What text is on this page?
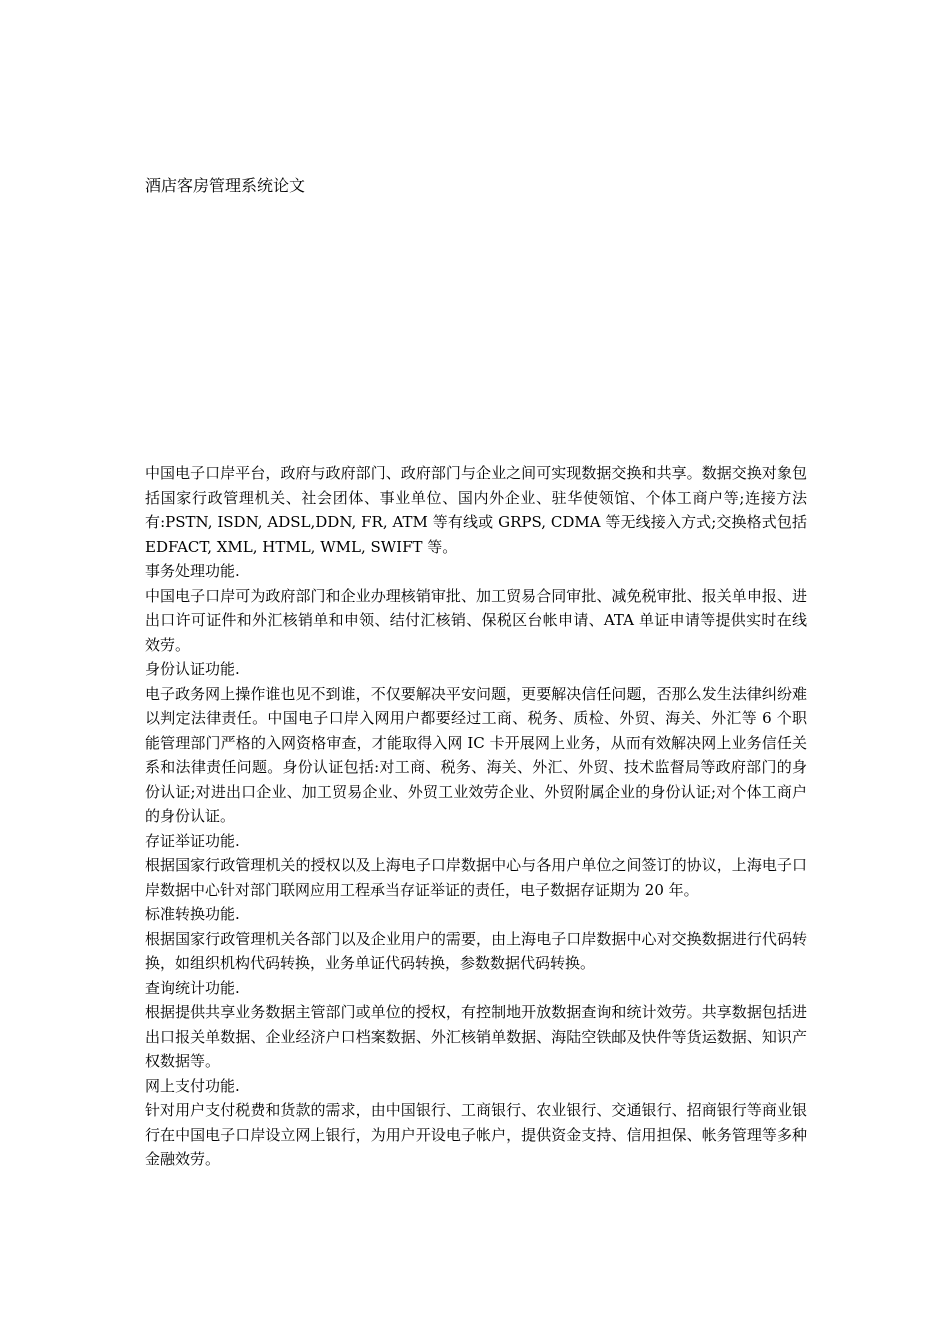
酒店客房管理系统论文

中国电子口岸平台，政府与政府部门、政府部门与企业之间可实现数据交换和共享。数据交换对象包括国家行政管理机关、社会团体、事业单位、国内外企业、驻华使领馆、个体工商户等;连接方法有:PSTN, ISDN, ADSL,DDN, FR, ATM 等有线或 GRPS, CDMA 等无线接入方式;交换格式包括 EDFACT, XML, HTML, WML, SWIFT 等。

事务处理功能.

中国电子口岸可为政府部门和企业办理核销审批、加工贸易合同审批、减免税审批、报关单申报、进出口许可证件和外汇核销单和申领、结付汇核销、保税区台帐申请、ATA 单证申请等提供实时在线效劳。

身份认证功能.

电子政务网上操作谁也见不到谁，不仅要解决平安问题，更要解决信任问题，否那么发生法律纠纷难以判定法律责任。中国电子口岸入网用户都要经过工商、税务、质检、外贸、海关、外汇等 6 个职能管理部门严格的入网资格审查，才能取得入网 IC 卡开展网上业务，从而有效解决网上业务信任关系和法律责任问题。身份认证包括:对工商、税务、海关、外汇、外贸、技术监督局等政府部门的身份认证;对进出口企业、加工贸易企业、外贸工业效劳企业、外贸附属企业的身份认证;对个体工商户的身份认证。

存证举证功能.

根据国家行政管理机关的授权以及上海电子口岸数据中心与各用户单位之间签订的协议，上海电子口岸数据中心针对部门联网应用工程承当存证举证的责任，电子数据存证期为 20 年。

标准转换功能.

根据国家行政管理机关各部门以及企业用户的需要，由上海电子口岸数据中心对交换数据进行代码转换，如组织机构代码转换，业务单证代码转换，参数数据代码转换。

查询统计功能.

根据提供共享业务数据主管部门或单位的授权，有控制地开放数据查询和统计效劳。共享数据包括进出口报关单数据、企业经济户口档案数据、外汇核销单数据、海陆空铁邮及快件等货运数据、知识产权数据等。

网上支付功能.

针对用户支付税费和货款的需求，由中国银行、工商银行、农业银行、交通银行、招商银行等商业银行在中国电子口岸设立网上银行，为用户开设电子帐户，提供资金支持、信用担保、帐务管理等多种金融效劳。
